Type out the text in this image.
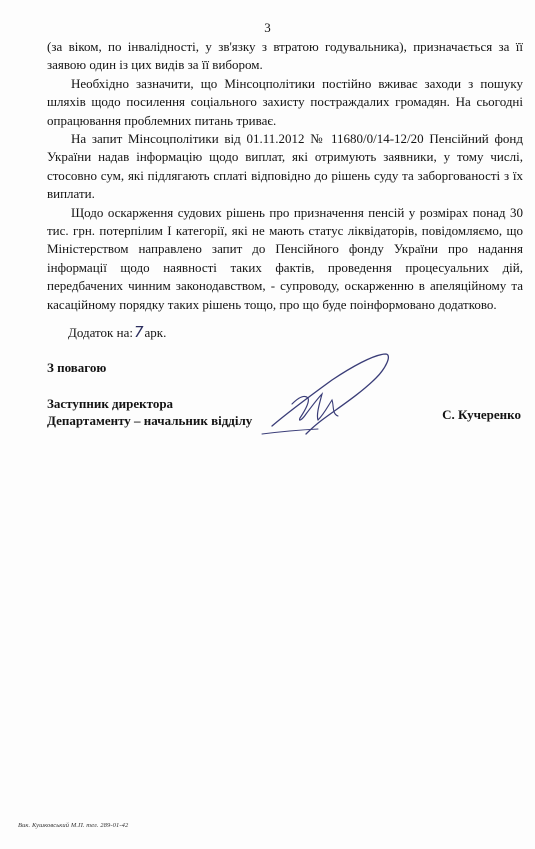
3

(за віком, по інвалідності, у зв'язку з втратою годувальника), призначається за її заявою один із цих видів за її вибором.

Необхідно зазначити, що Мінсоцполітики постійно вживає заходи з пошуку шляхів щодо посилення соціального захисту постраждалих громадян. На сьогодні опрацювання проблемних питань триває.

На запит Мінсоцполітики від 01.11.2012 № 11680/0/14-12/20 Пенсійний фонд України надав інформацію щодо виплат, які отримують заявники, у тому числі, стосовно сум, які підлягають сплаті відповідно до рішень суду та заборгованості з їх виплати.

Щодо оскарження судових рішень про призначення пенсій у розмірах понад 30 тис. грн. потерпілим І категорії, які не мають статус ліквідаторів, повідомляємо, що Міністерством направлено запит до Пенсійного фонду України про надання інформації щодо наявності таких фактів, проведення процесуальних дій, передбачених чинним законодавством, - супроводу, оскарженню в апеляційному та касаційному порядку таких рішень тощо, про що буде поінформовано додатково.

Додаток на:7арк.
З повагою
Заступник директора
Департаменту – начальник відділу	С. Кучеренко
Вик. Кушковський М.П. тел. 289-01-42
